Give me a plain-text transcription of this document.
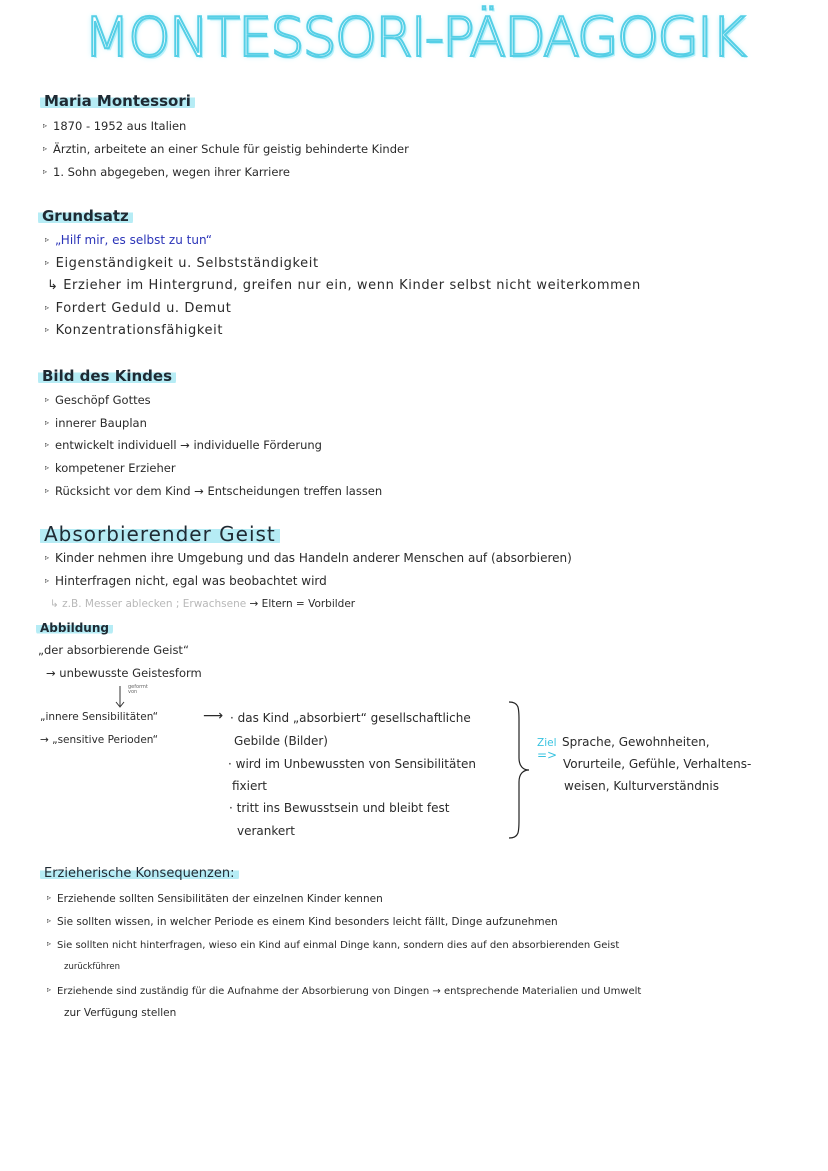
MONTESSORI-PÄDAGOGIK
Maria Montessori
▹ 1870 - 1952 aus Italien
▹ Ärztin, arbeitete an einer Schule für geistig behinderte Kinder
▹ 1. Sohn abgegeben, wegen ihrer Karriere
Grundsatz
▹ „Hilf mir, es selbst zu tun“
▹ Eigenständigkeit u. Selbstständigkeit
↳ Erzieher im Hintergrund, greifen nur ein, wenn Kinder selbst nicht weiterkommen
▹ Fordert Geduld u. Demut
▹ Konzentrationsfähigkeit
Bild des Kindes
▹ Geschöpf Gottes
▹ innerer Bauplan
▹ entwickelt individuell → individuelle Förderung
▹ kompetener Erzieher
▹ Rücksicht vor dem Kind → Entscheidungen treffen lassen
Absorbierender Geist
▹ Kinder nehmen ihre Umgebung und das Handeln anderer Menschen auf (absorbieren)
▹ Hinterfragen nicht, egal was beobachtet wird
↳ z.B. Messer ablecken ; Erwachsene → Eltern = Vorbilder
Abbildung
„der absorbierende Geist“
→ unbewusste Geistesform
geformt von
„innere Sensibilitäten“
→ „sensitive Perioden“
⟶ · das Kind „absorbiert“ gesellschaftliche
Gebilde (Bilder)
· wird im Unbewussten von Sensibilitäten
fixiert
· tritt ins Bewusstsein und bleibt fest
verankert
Ziel
=>
Sprache, Gewohnheiten,
Vorurteile, Gefühle, Verhaltens-
weisen, Kulturverständnis
Erzieherische Konsequenzen:
▹ Erziehende sollten Sensibilitäten der einzelnen Kinder kennen
▹ Sie sollten wissen, in welcher Periode es einem Kind besonders leicht fällt, Dinge aufzunehmen
▹ Sie sollten nicht hinterfragen, wieso ein Kind auf einmal Dinge kann, sondern dies auf den absorbierenden Geist
zurückführen
▹ Erziehende sind zuständig für die Aufnahme der Absorbierung von Dingen → entsprechende Materialien und Umwelt
zur Verfügung stellen
